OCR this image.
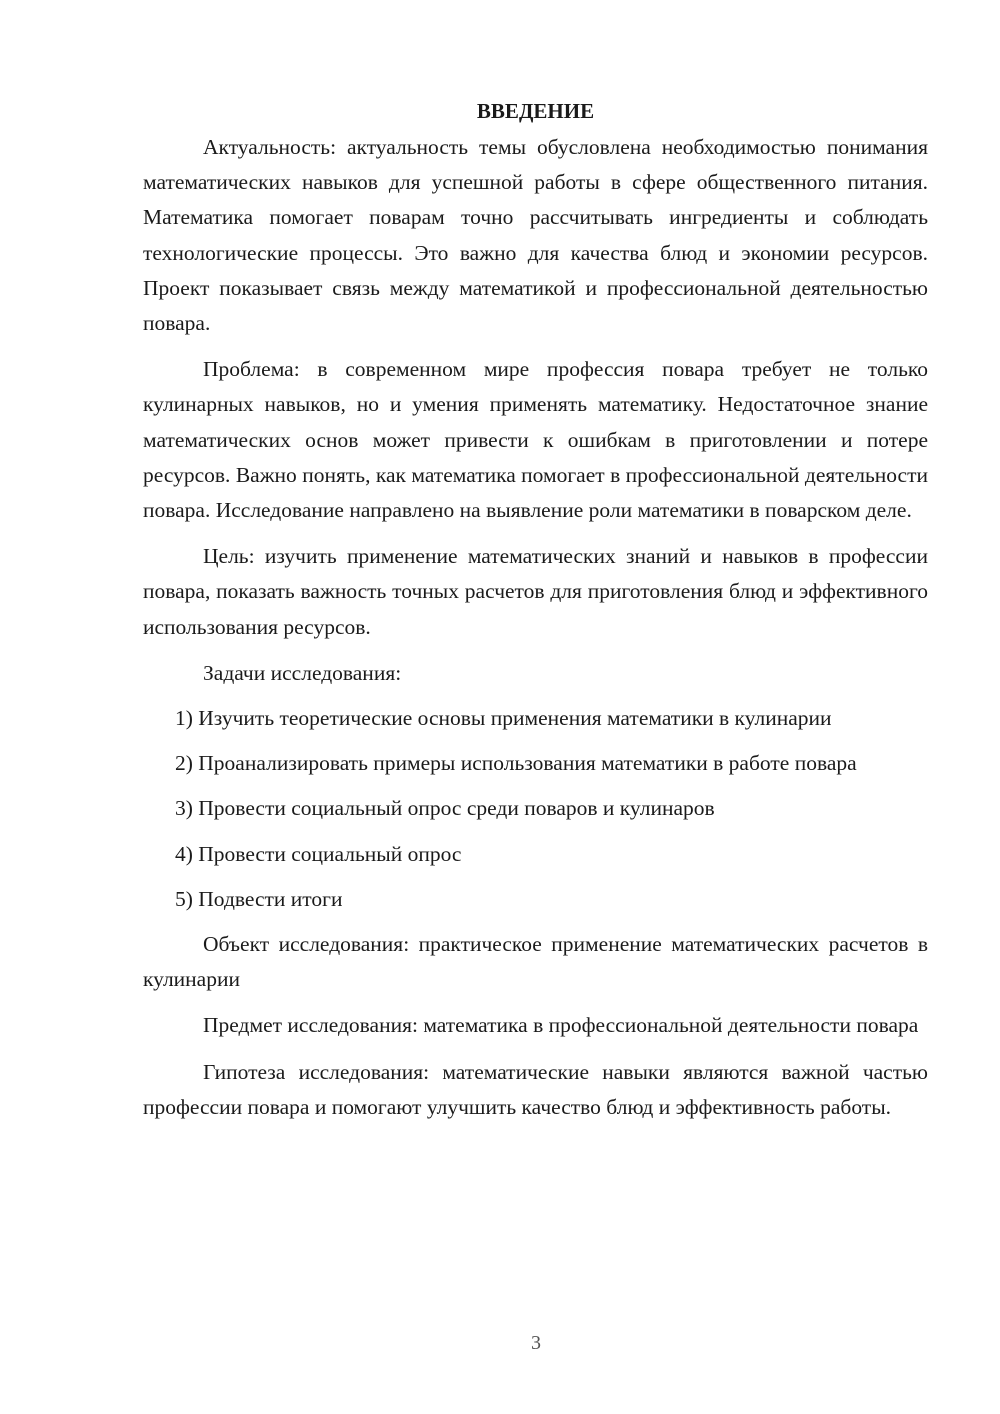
ВВЕДЕНИЕ

Актуальность: актуальность темы обусловлена необходимостью понимания математических навыков для успешной работы в сфере общественного питания. Математика помогает поварам точно рассчитывать ингредиенты и соблюдать технологические процессы. Это важно для качества блюд и экономии ресурсов. Проект показывает связь между математикой и профессиональной деятельностью повара.

Проблема: в современном мире профессия повара требует не только кулинарных навыков, но и умения применять математику. Недостаточное знание математических основ может привести к ошибкам в приготовлении и потере ресурсов. Важно понять, как математика помогает в профессиональной деятельности повара. Исследование направлено на выявление роли математики в поварском деле.

Цель: изучить применение математических знаний и навыков в профессии повара, показать важность точных расчетов для приготовления блюд и эффективного использования ресурсов.

Задачи исследования:

1) Изучить теоретические основы применения математики в кулинарии

2) Проанализировать примеры использования математики в работе повара

3) Провести социальный опрос среди поваров и кулинаров

4) Провести социальный опрос

5) Подвести итоги

Объект исследования: практическое применение математических расчетов в кулинарии

Предмет исследования: математика в профессиональной деятельности повара

Гипотеза исследования: математические навыки являются важной частью профессии повара и помогают улучшить качество блюд и эффективность работы.

3
